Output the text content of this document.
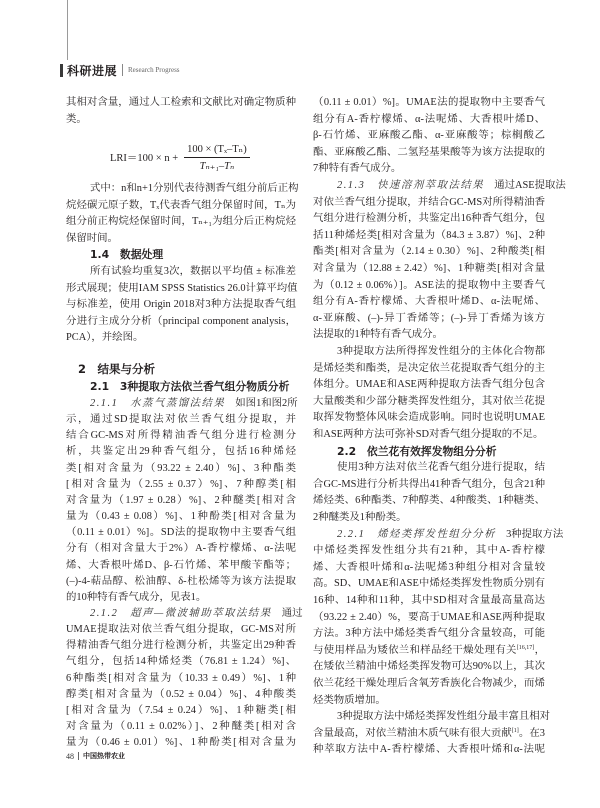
科研进展 Research Progress
$LRI=100 \times n + \frac{\text{100 × (Tₓ–Tₙ)}}{\text{Tₙ₊₁–Tₙ}}$
其相对含量，通过人工检索和文献比对确定物质种
类。
式中：n和n+1分别代表待测香气组分前后正构
烷烃碳元原子数，Tₓ代表香气组分保留时间，Tₙ为
组分前正构烷烃保留时间，Tₙ₊₁为组分后正构烷烃
保留时间。
1.4　数据处理
所有试验均重复3次，数据以平均值 ± 标准差
形式展现；使用IAM SPSS Statistics 26.0计算平均值
与标准差，使用 Origin 2018对3种方法提取香气组
分进行主成分分析（principal component analysis，
PCA），并绘图。
2　结果与分析
2.1　3种提取方法依兰香气组分物质分析
2.1.1　水蒸气蒸馏法结果 如图1和图2所
示，通过SD提取法对依兰香气组分提取，并
结合GC-MS对所得精油香气组分进行检测分
析，共鉴定出29种香气组分，包括16种烯烃
类[相对含量为（93.22 ± 2.40）%]、3种酯类
[相对含量为（2.55 ± 0.37）%]、7种醇类[相
对含量为（1.97 ± 0.28）%]、2种醚类[相对含
量为（0.43 ± 0.08）%]、1种酚类[相对含量为
（0.11 ± 0.01）%]。SD法的提取物中主要香气组
分有（相对含量大于2%）A-香柠檬烯、α-法呢
烯、大香根叶烯D、β-石竹烯、苯甲酸苄酯等；
(–)-4-萜品醇、松油醇、δ-杜松烯等为该方法提取
的10种特有香气成分，见表1。
2.1.2　超声—微波辅助萃取法结果 通过
UMAE提取法对依兰香气组分提取，GC-MS对所
得精油香气组分进行检测分析，共鉴定出29种香
气组分，包括14种烯烃类（76.81 ± 1.24）%]、
6种酯类[相对含量为（10.33 ± 0.49）%]、1种
醇类[相对含量为（0.52 ± 0.04）%]、4种酸类
[相对含量为（7.54 ± 0.24）%]、1种糖类[相
对含量为（0.11 ± 0.02%）]、2种醚类[相对含
量为（0.46 ± 0.01）%]、1种酚类[相对含量为
（0.11 ± 0.01）%]。UMAE法的提取物中主要香气
组分有A-香柠檬烯、α-法呢烯、大香根叶烯D、
β-石竹烯、亚麻酸乙酯、α-亚麻酸等；棕榈酸乙
酯、亚麻酸乙酯、二氢羟基果酸等为该方法提取的
7种特有香气成分。
2.1.3　快速溶剂萃取法结果 通过ASE提取法
对依兰香气组分提取，并结合GC-MS对所得精油香
气组分进行检测分析，共鉴定出16种香气组分，包
括11种烯烃类[相对含量为（84.3 ± 3.87）%]、2种
酯类[相对含量为（2.14 ± 0.30）%]、2种酸类[相
对含量为（12.88 ± 2.42）%]、1种糖类[相对含量
为（0.12 ± 0.06%）]。ASE法的提取物中主要香气
组分有A-香柠檬烯、大香根叶烯D、α-法呢烯、
α-亚麻酸、(–)-异丁香烯等；(–)-异丁香烯为该方
法提取的1种特有香气成分。
3种提取方法所得挥发性组分的主体化合物都
是烯烃类和酯类，是决定依兰花提取香气组分的主
体组分。UMAE和ASE两种提取方法香气组分包含
大量酸类和少部分糖类挥发性组分，其对依兰花提
取挥发物整体风味会造成影响。同时也说明UMAE
和ASE两种方法可弥补SD对香气组分提取的不足。
2.2　依兰花有效挥发物组分分析
使用3种方法对依兰花香气组分进行提取，结
合GC-MS进行分析共得出41种香气组分，包含21种
烯烃类、6种酯类、7种醇类、4种酸类、1种糖类、
2种醚类及1种酚类。
2.2.1　烯烃类挥发性组分分析 3种提取方法
中烯烃类挥发性组分共有21种，其中A-香柠檬
烯、大香根叶烯和α-法呢烯3种组分相对含量较
高。SD、UMAE和ASE中烯烃类挥发性物质分别有
16种、14种和11种，其中SD相对含量最高量高达
（93.22 ± 2.40）%，要高于UMAE和ASE两种提取
方法。3种方法中烯烃类香气组分含量较高，可能
与使用样品为矮依兰和样品经干燥处理有关[16,17]，
在矮依兰精油中烯烃类挥发物可达90%以上，其次
依兰花经干燥处理后含氧芳香族化合物减少，而烯
烃类物质增加。
3种提取方法中烯烃类挥发性组分最丰富且相对
含量最高，对依兰精油木质气味有很大贡献[1]。在3
种萃取方法中A-香柠檬烯、大香根叶烯和α-法呢
48 中国热带农业
